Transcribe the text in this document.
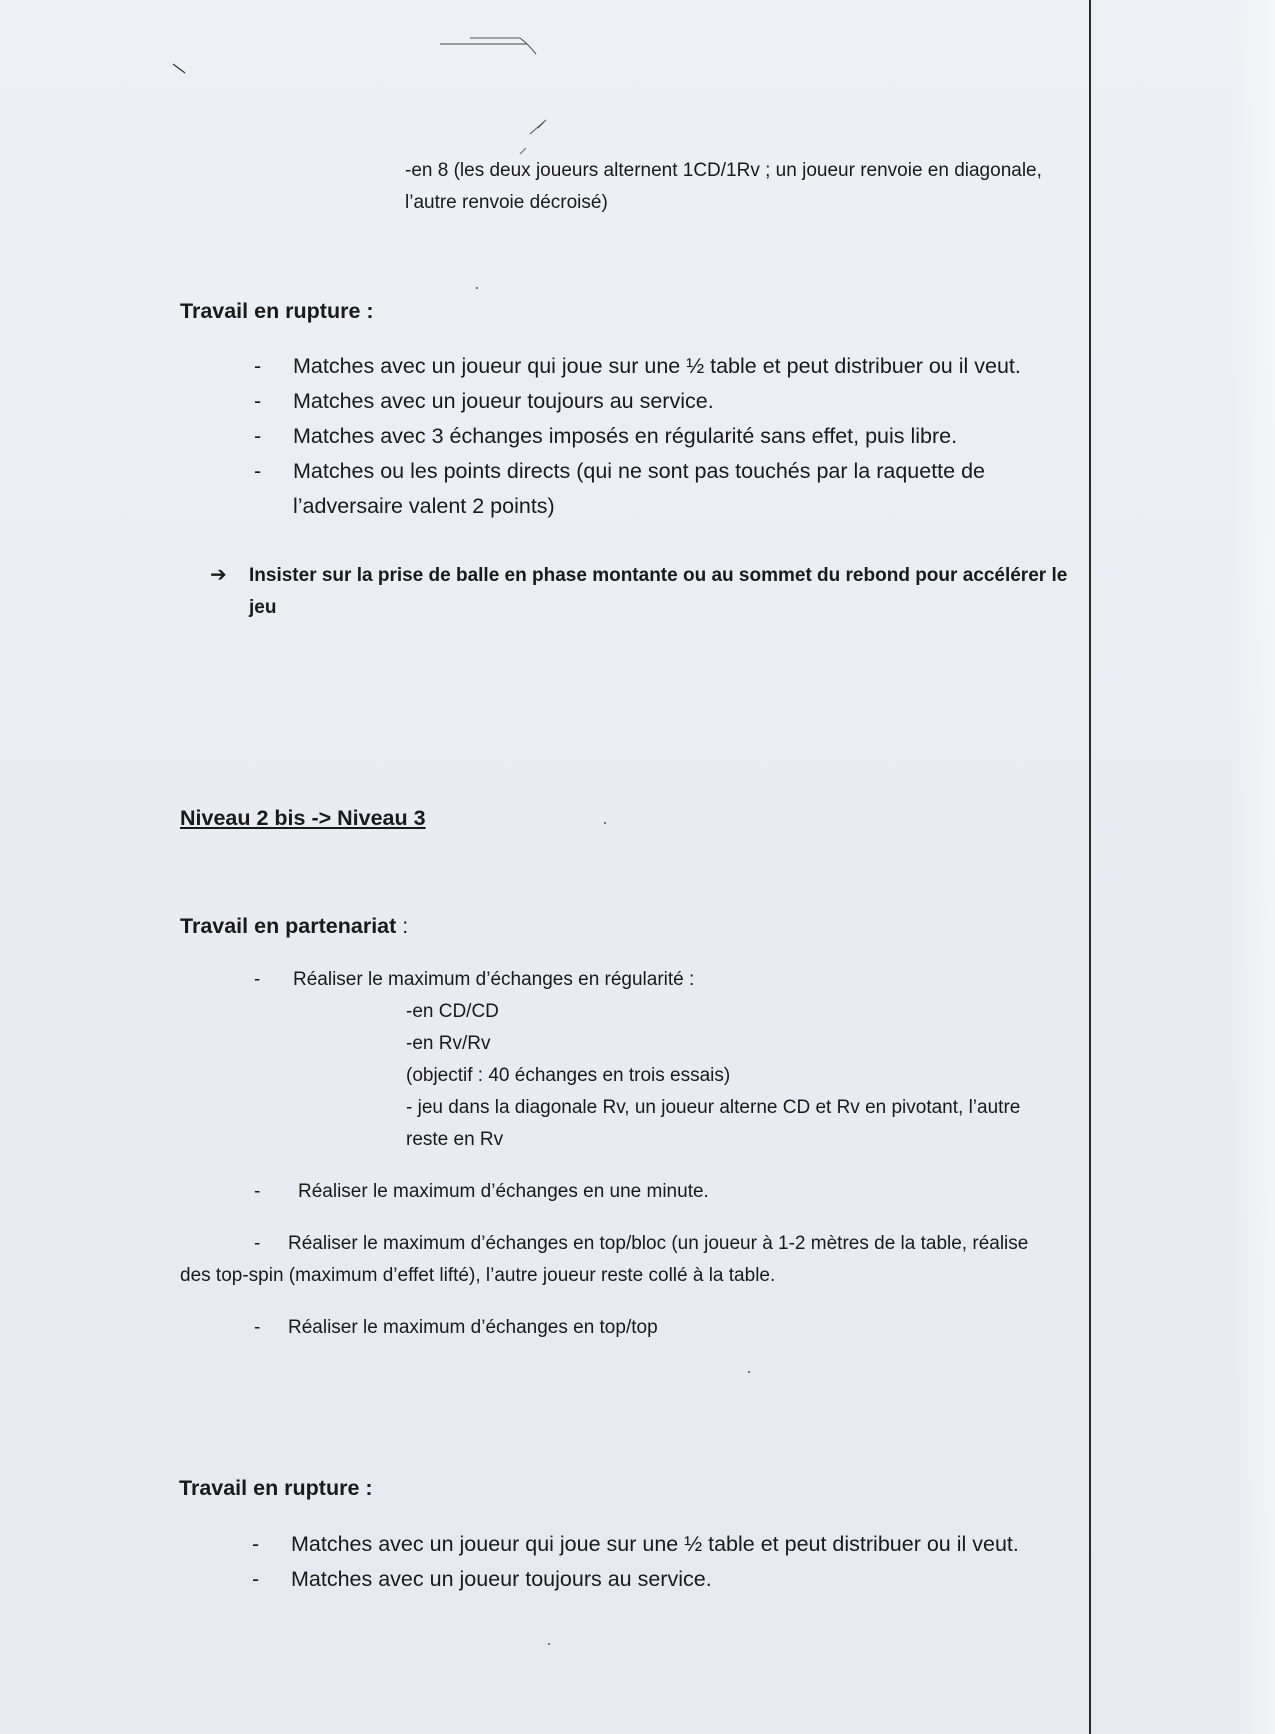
-en 8 (les deux joueurs alternent 1CD/1Rv ; un joueur renvoie en diagonale,
l’autre renvoie décroisé)
Travail en rupture :
- Matches avec un joueur qui joue sur une ½ table et peut distribuer ou il veut.
- Matches avec un joueur toujours au service.
- Matches avec 3 échanges imposés en régularité sans effet, puis libre.
- Matches ou les points directs (qui ne sont pas touchés par la raquette de
l’adversaire valent 2 points)
➔ Insister sur la prise de balle en phase montante ou au sommet du rebond pour accélérer le
jeu
Niveau 2 bis -> Niveau 3
Travail en partenariat :
- Réaliser le maximum d’échanges en régularité :
-en CD/CD
-en Rv/Rv
(objectif : 40 échanges en trois essais)
- jeu dans la diagonale Rv, un joueur alterne CD et Rv en pivotant, l’autre
reste en Rv
- Réaliser le maximum d’échanges en une minute.
- Réaliser le maximum d’échanges en top/bloc (un joueur à 1-2 mètres de la table, réalise
des top-spin (maximum d’effet lifté), l’autre joueur reste collé à la table.
- Réaliser le maximum d’échanges en top/top
Travail en rupture :
- Matches avec un joueur qui joue sur une ½ table et peut distribuer ou il veut.
- Matches avec un joueur toujours au service.
